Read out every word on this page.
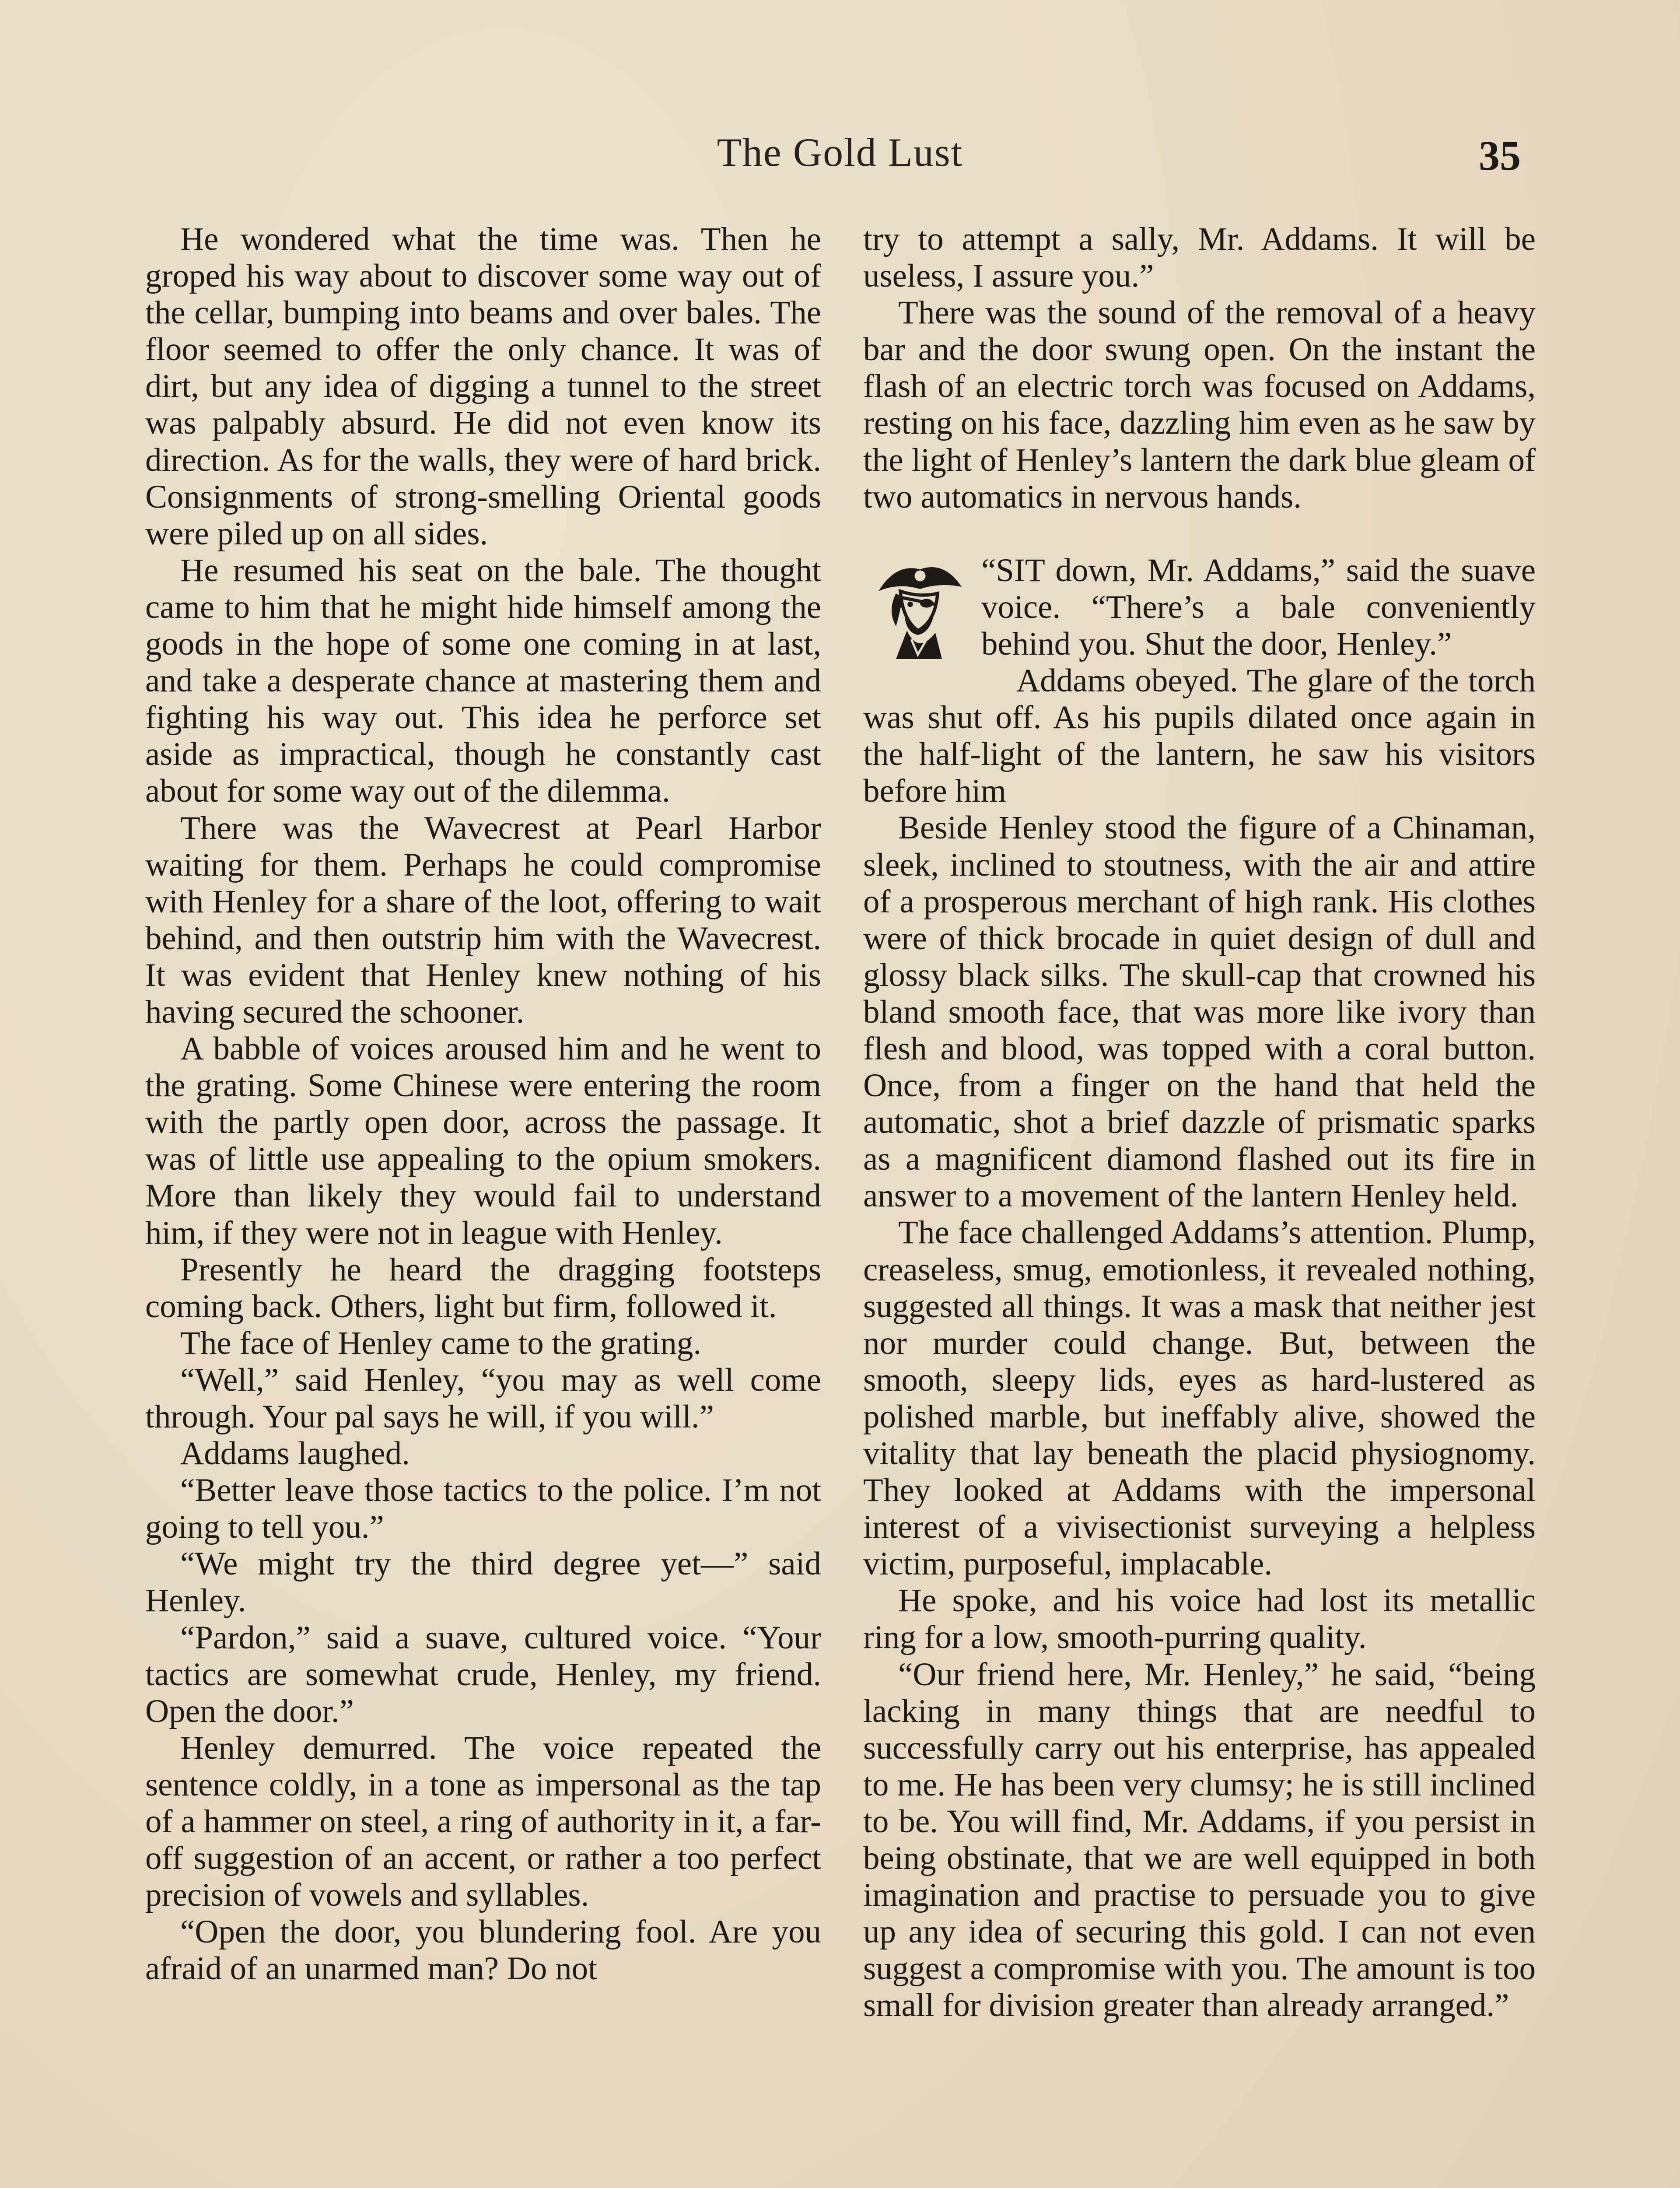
The Gold Lust	35

He wondered what the time was. Then he groped his way about to discover some way out of the cellar, bumping into beams and over bales. The floor seemed to offer the only chance. It was of dirt, but any idea of digging a tunnel to the street was palpably absurd. He did not even know its direction. As for the walls, they were of hard brick. Consignments of strong-smelling Oriental goods were piled up on all sides.

He resumed his seat on the bale. The thought came to him that he might hide himself among the goods in the hope of some one coming in at last, and take a desperate chance at mastering them and fighting his way out. This idea he perforce set aside as impractical, though he constantly cast about for some way out of the dilemma.

There was the Wavecrest at Pearl Harbor waiting for them. Perhaps he could compromise with Henley for a share of the loot, offering to wait behind, and then outstrip him with the Wavecrest. It was evident that Henley knew nothing of his having secured the schooner.

A babble of voices aroused him and he went to the grating. Some Chinese were entering the room with the partly open door, across the passage. It was of little use appealing to the opium smokers. More than likely they would fail to understand him, if they were not in league with Henley.

Presently he heard the dragging footsteps coming back. Others, light but firm, followed it.

The face of Henley came to the grating.

“Well,” said Henley, “you may as well come through. Your pal says he will, if you will.”

Addams laughed.

“Better leave those tactics to the police. I’m not going to tell you.”

“We might try the third degree yet—” said Henley.

“Pardon,” said a suave, cultured voice. “Your tactics are somewhat crude, Henley, my friend. Open the door.”

Henley demurred. The voice repeated the sentence coldly, in a tone as impersonal as the tap of a hammer on steel, a ring of authority in it, a far-off suggestion of an accent, or rather a too perfect precision of vowels and syllables.

“Open the door, you blundering fool. Are you afraid of an unarmed man? Do not

try to attempt a sally, Mr. Addams. It will be useless, I assure you.”

There was the sound of the removal of a heavy bar and the door swung open. On the instant the flash of an electric torch was focused on Addams, resting on his face, dazzling him even as he saw by the light of Henley’s lantern the dark blue gleam of two automatics in nervous hands.

“SIT down, Mr. Addams,” said the suave voice. “There’s a bale conveniently behind you. Shut the door, Henley.”

Addams obeyed. The glare of the torch was shut off. As his pupils dilated once again in the half-light of the lantern, he saw his visitors before him

Beside Henley stood the figure of a Chinaman, sleek, inclined to stoutness, with the air and attire of a prosperous merchant of high rank. His clothes were of thick brocade in quiet design of dull and glossy black silks. The skull-cap that crowned his bland smooth face, that was more like ivory than flesh and blood, was topped with a coral button. Once, from a finger on the hand that held the automatic, shot a brief dazzle of prismatic sparks as a magnificent diamond flashed out its fire in answer to a movement of the lantern Henley held.

The face challenged Addams’s attention. Plump, creaseless, smug, emotionless, it revealed nothing, suggested all things. It was a mask that neither jest nor murder could change. But, between the smooth, sleepy lids, eyes as hard-lustered as polished marble, but ineffably alive, showed the vitality that lay beneath the placid physiognomy. They looked at Addams with the impersonal interest of a vivisectionist surveying a helpless victim, purposeful, implacable.

He spoke, and his voice had lost its metallic ring for a low, smooth-purring quality.

“Our friend here, Mr. Henley,” he said, “being lacking in many things that are needful to successfully carry out his enterprise, has appealed to me. He has been very clumsy; he is still inclined to be. You will find, Mr. Addams, if you persist in being obstinate, that we are well equipped in both imagination and practise to persuade you to give up any idea of securing this gold. I can not even suggest a compromise with you. The amount is too small for division greater than already arranged.”
